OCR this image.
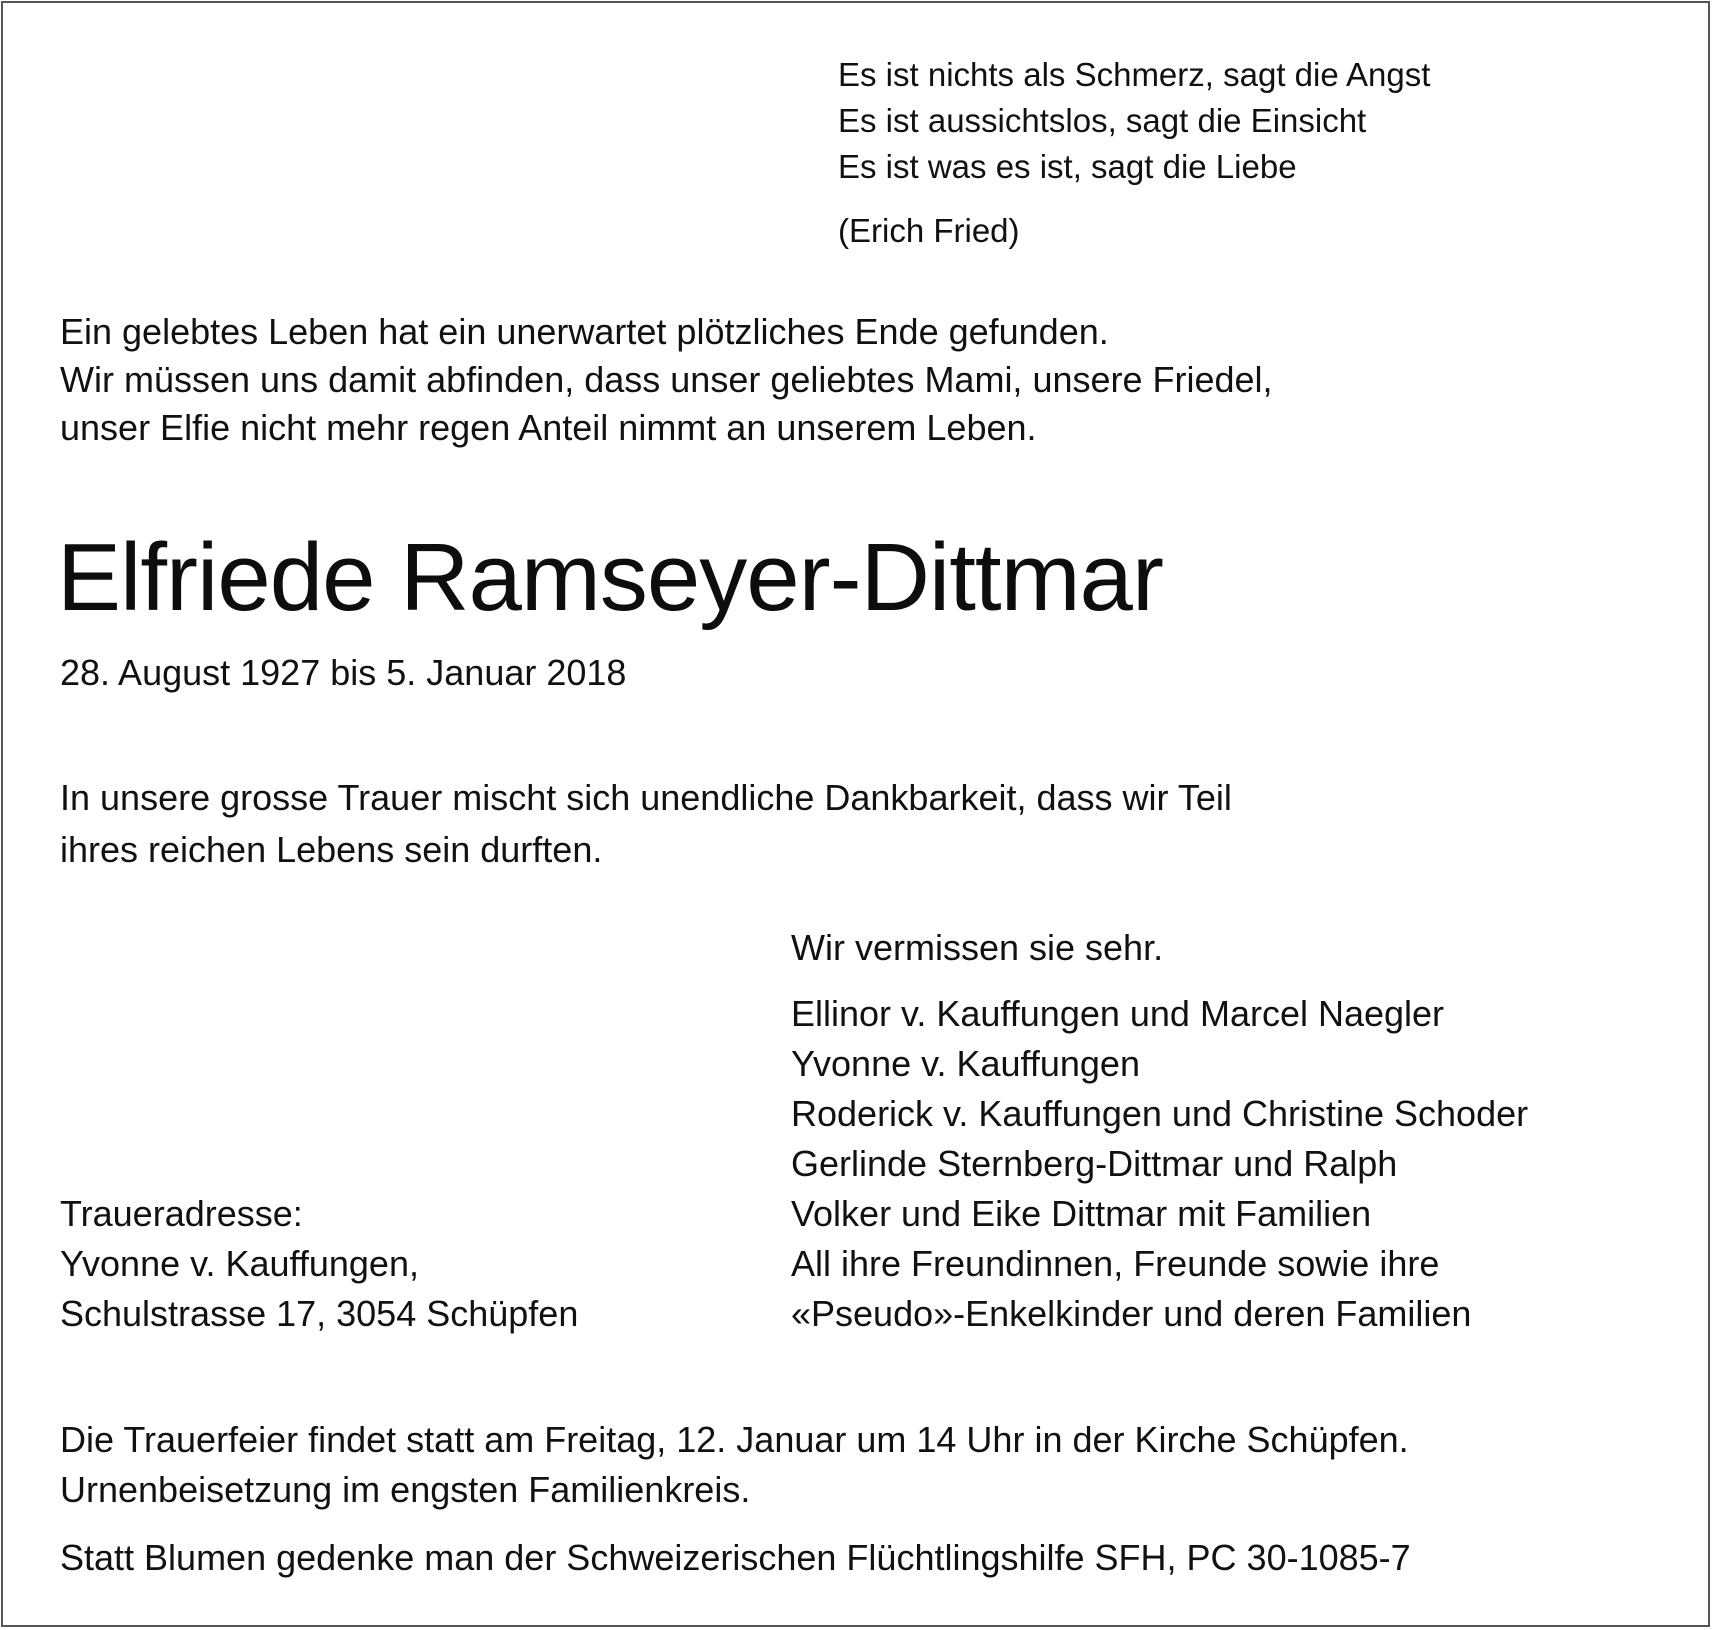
Es ist nichts als Schmerz, sagt die Angst
Es ist aussichtslos, sagt die Einsicht
Es ist was es ist, sagt die Liebe
(Erich Fried)
Ein gelebtes Leben hat ein unerwartet plötzliches Ende gefunden.
Wir müssen uns damit abfinden, dass unser geliebtes Mami, unsere Friedel,
unser Elfie nicht mehr regen Anteil nimmt an unserem Leben.
Elfriede Ramseyer-Dittmar
28. August 1927 bis 5. Januar 2018
In unsere grosse Trauer mischt sich unendliche Dankbarkeit, dass wir Teil
ihres reichen Lebens sein durften.
Wir vermissen sie sehr.
Ellinor v. Kauffungen und Marcel Naegler
Yvonne v. Kauffungen
Roderick v. Kauffungen und Christine Schoder
Gerlinde Sternberg-Dittmar und Ralph
Volker und Eike Dittmar mit Familien
All ihre Freundinnen, Freunde sowie ihre
«Pseudo»-Enkelkinder und deren Familien
Traueradresse:
Yvonne v. Kauffungen,
Schulstrasse 17, 3054 Schüpfen
Die Trauerfeier findet statt am Freitag, 12. Januar um 14 Uhr in der Kirche Schüpfen.
Urnenbeisetzung im engsten Familienkreis.
Statt Blumen gedenke man der Schweizerischen Flüchtlingshilfe SFH, PC 30-1085-7
